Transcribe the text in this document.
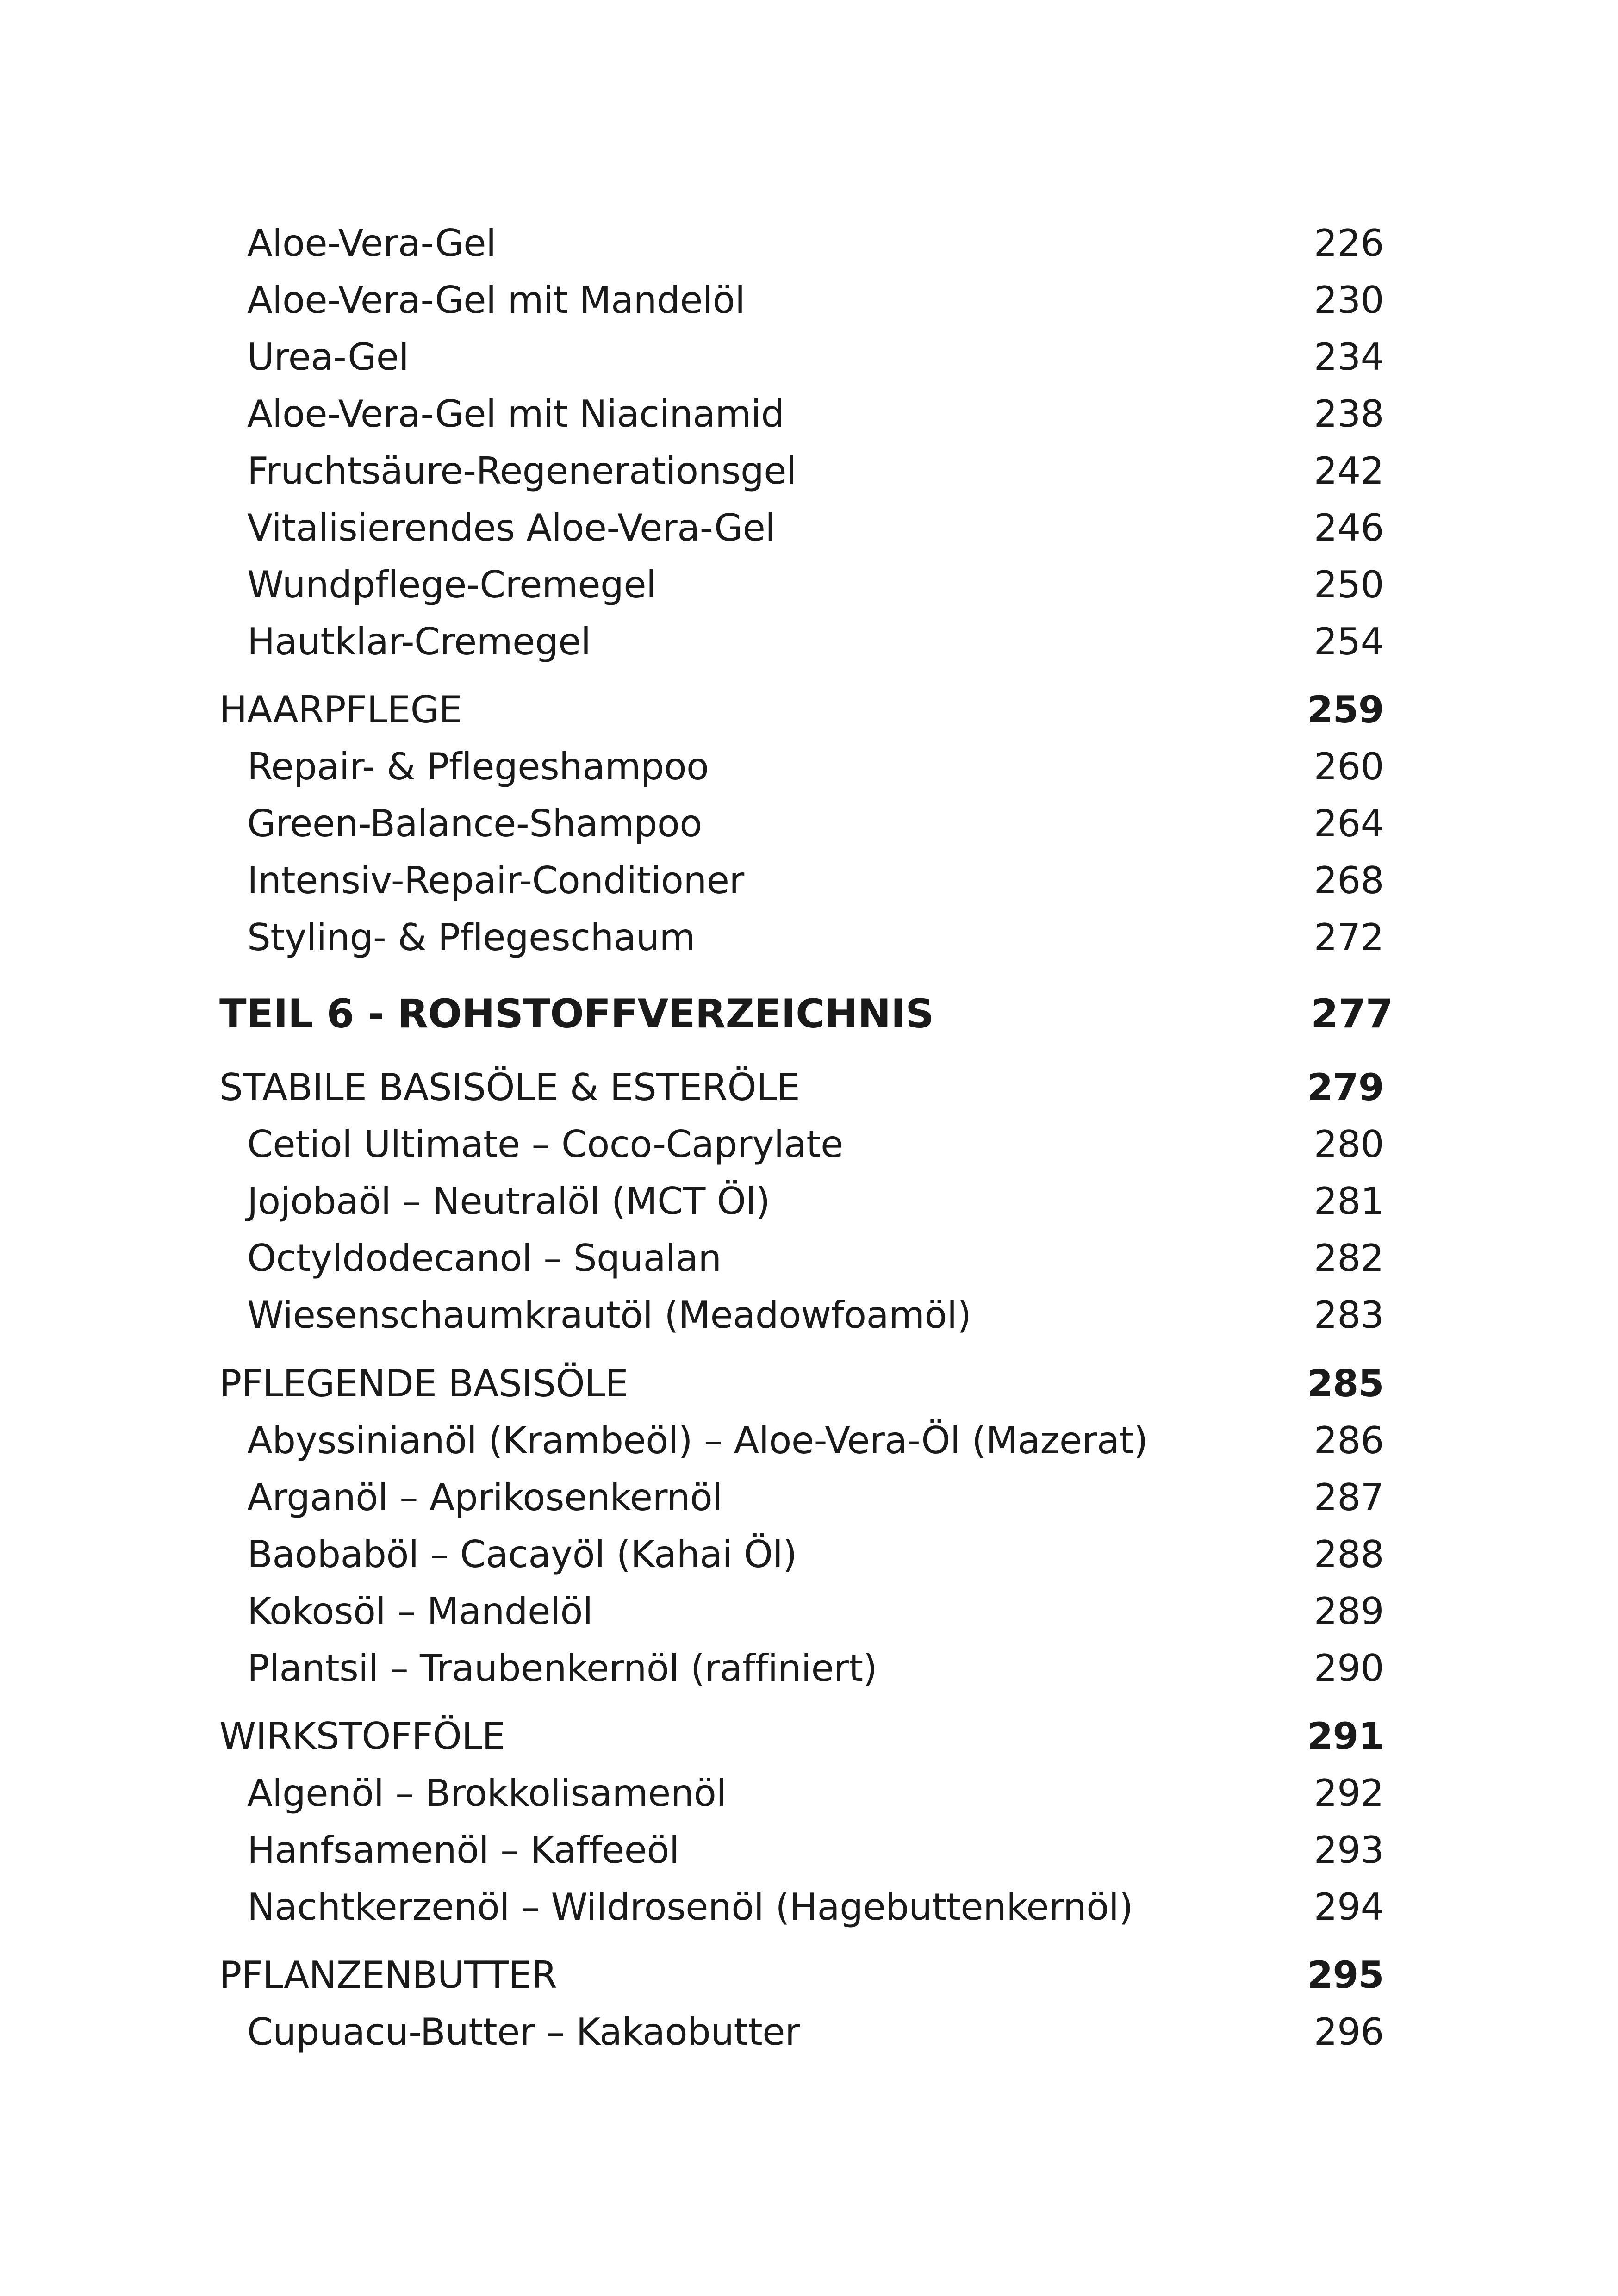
Aloe-Vera-Gel	226
Aloe-Vera-Gel mit Mandelöl	230
Urea-Gel	234
Aloe-Vera-Gel mit Niacinamid	238
Fruchtsäure-Regenerationsgel	242
Vitalisierendes Aloe-Vera-Gel	246
Wundpflege-Cremegel	250
Hautklar-Cremegel	254
HAARPFLEGE	259
Repair- & Pflegeshampoo	260
Green-Balance-Shampoo	264
Intensiv-Repair-Conditioner	268
Styling- & Pflegeschaum	272
TEIL 6 - ROHSTOFFVERZEICHNIS	277
STABILE BASISÖLE & ESTERÖLE	279
Cetiol Ultimate – Coco-Caprylate	280
Jojobaöl – Neutralöl (MCT Öl)	281
Octyldodecanol – Squalan	282
Wiesenschaumkrautöl (Meadowfoamöl)	283
PFLEGENDE BASISÖLE	285
Abyssinianöl (Krambeöl) – Aloe-Vera-Öl (Mazerat)	286
Arganöl – Aprikosenkernöl	287
Baobaböl – Cacayöl (Kahai Öl)	288
Kokosöl – Mandelöl	289
Plantsil – Traubenkernöl (raffiniert)	290
WIRKSTOFFÖLE	291
Algenöl – Brokkolisamenöl	292
Hanfsamenöl – Kaffeeöl	293
Nachtkerzenöl – Wildrosenöl (Hagebuttenkernöl)	294
PFLANZENBUTTER	295
Cupuacu-Butter – Kakaobutter	296
